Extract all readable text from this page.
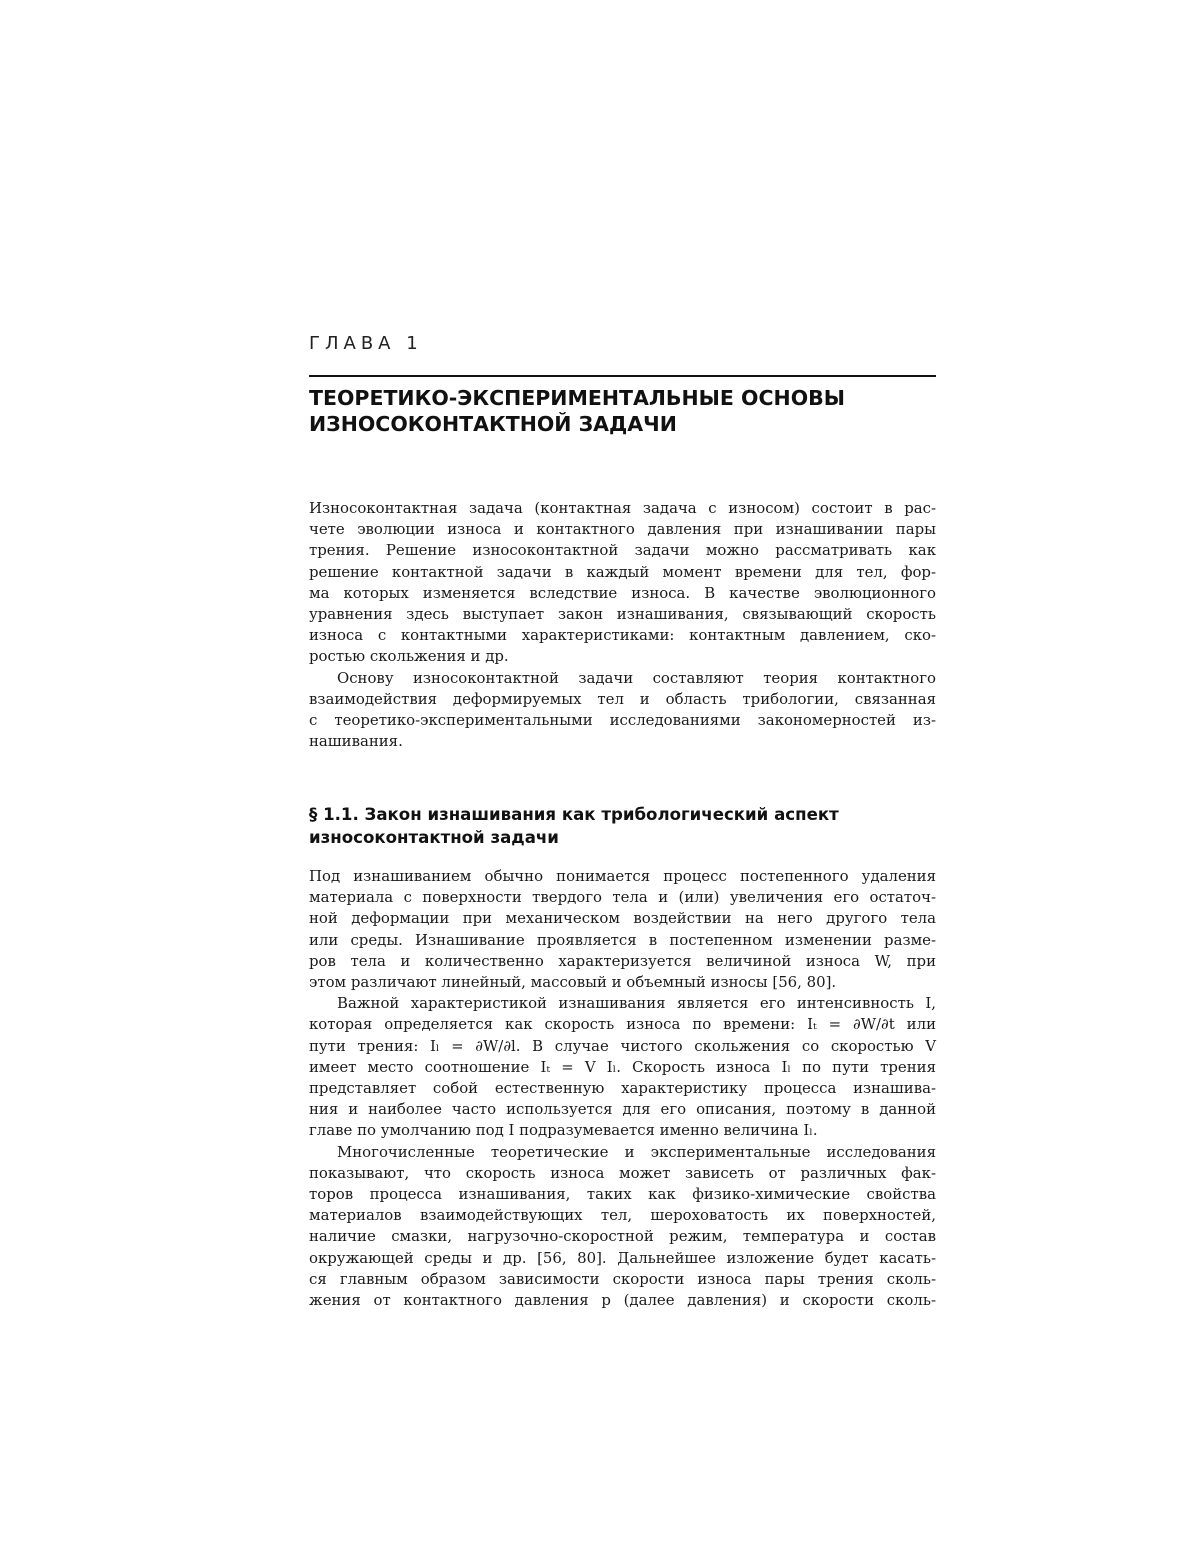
ГЛАВА 1
ТЕОРЕТИКО-ЭКСПЕРИМЕНТАЛЬНЫЕ ОСНОВЫ
ИЗНОСОКОНТАКТНОЙ ЗАДАЧИ
Износоконтактная задача (контактная задача с износом) состоит в рас-
чете эволюции износа и контактного давления при изнашивании пары
трения. Решение износоконтактной задачи можно рассматривать как
решение контактной задачи в каждый момент времени для тел, фор-
ма которых изменяется вследствие износа. В качестве эволюционного
уравнения здесь выступает закон изнашивания, связывающий скорость
износа с контактными характеристиками: контактным давлением, ско-
ростью скольжения и др.
Основу износоконтактной задачи составляют теория контактного
взаимодействия деформируемых тел и область трибологии, связанная
с теоретико-экспериментальными исследованиями закономерностей из-
нашивания.
§ 1.1. Закон изнашивания как трибологический аспект
износоконтактной задачи
Под изнашиванием обычно понимается процесс постепенного удаления
материала с поверхности твердого тела и (или) увеличения его остаточ-
ной деформации при механическом воздействии на него другого тела
или среды. Изнашивание проявляется в постепенном изменении разме-
ров тела и количественно характеризуется величиной износа W, при
этом различают линейный, массовый и объемный износы [56, 80].
Важной характеристикой изнашивания является его интенсивность I,
которая определяется как скорость износа по времени: Iₜ = ∂W/∂t или
пути трения: Iₗ = ∂W/∂l. В случае чистого скольжения со скоростью V
имеет место соотношение Iₜ = V Iₗ. Скорость износа Iₗ по пути трения
представляет собой естественную характеристику процесса изнашива-
ния и наиболее часто используется для его описания, поэтому в данной
главе по умолчанию под I подразумевается именно величина Iₗ.
Многочисленные теоретические и экспериментальные исследования
показывают, что скорость износа может зависеть от различных фак-
торов процесса изнашивания, таких как физико-химические свойства
материалов взаимодействующих тел, шероховатость их поверхностей,
наличие смазки, нагрузочно-скоростной режим, температура и состав
окружающей среды и др. [56, 80]. Дальнейшее изложение будет касать-
ся главным образом зависимости скорости износа пары трения сколь-
жения от контактного давления p (далее давления) и скорости сколь-
